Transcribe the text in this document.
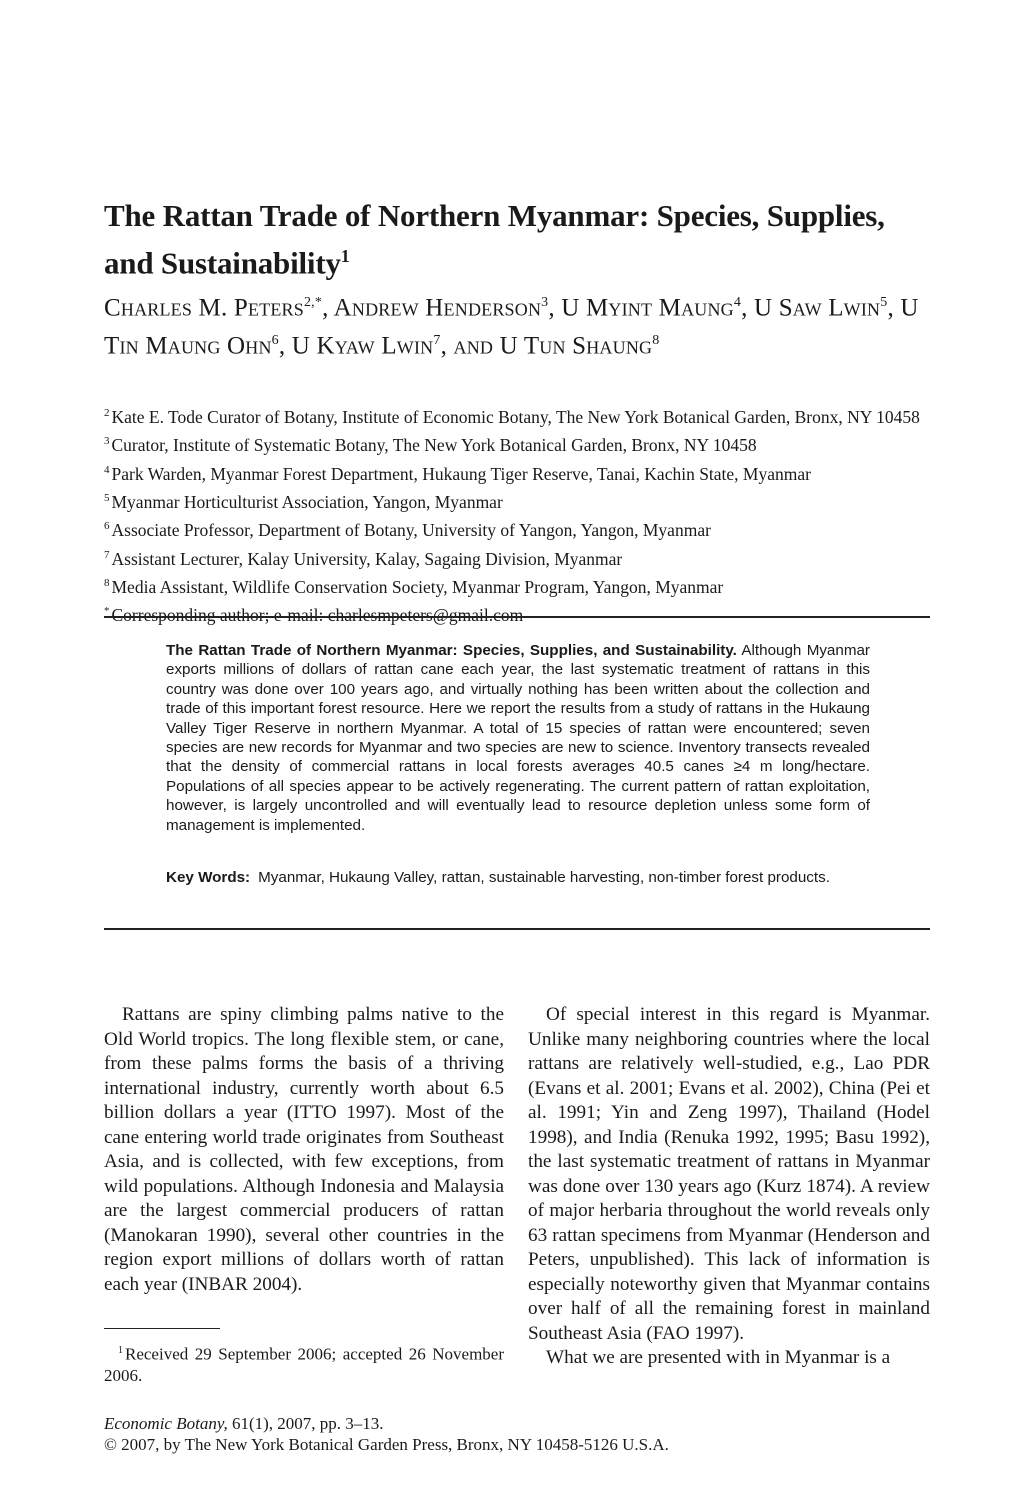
The Rattan Trade of Northern Myanmar: Species, Supplies, and Sustainability$^1$
Charles M. Peters$^{2,*}$, Andrew Henderson$^3$, U Myint Maung$^4$, U Saw Lwin$^5$, U Tin Maung Ohn$^6$, U Kyaw Lwin$^7$, and U Tun Shaung$^8$

$^2$ Kate E. Tode Curator of Botany, Institute of Economic Botany, The New York Botanical Garden, Bronx, NY 10458

$^3$ Curator, Institute of Systematic Botany, The New York Botanical Garden, Bronx, NY 10458

$^4$ Park Warden, Myanmar Forest Department, Hukaung Tiger Reserve, Tanai, Kachin State, Myanmar

$^5$ Myanmar Horticulturist Association, Yangon, Myanmar

$^6$ Associate Professor, Department of Botany, University of Yangon, Yangon, Myanmar

$^7$ Assistant Lecturer, Kalay University, Kalay, Sagaing Division, Myanmar

$^8$ Media Assistant, Wildlife Conservation Society, Myanmar Program, Yangon, Myanmar

* Corresponding author; e-mail: charlesmpeters@gmail.com

The Rattan Trade of Northern Myanmar: Species, Supplies, and Sustainability. Although Myanmar exports millions of dollars of rattan cane each year, the last systematic treatment of rattans in this country was done over 100 years ago, and virtually nothing has been written about the collection and trade of this important forest resource. Here we report the results from a study of rattans in the Hukaung Valley Tiger Reserve in northern Myanmar. A total of 15 species of rattan were encountered; seven species are new records for Myanmar and two species are new to science. Inventory transects revealed that the density of commercial rattans in local forests averages 40.5 canes ≥4 m long/hectare. Populations of all species appear to be actively regenerating. The current pattern of rattan exploitation, however, is largely uncontrolled and will eventually lead to resource depletion unless some form of management is implemented.
Key Words: Myanmar, Hukaung Valley, rattan, sustainable harvesting, non-timber forest products.

Rattans are spiny climbing palms native to the Old World tropics. The long flexible stem, or cane, from these palms forms the basis of a thriving international industry, currently worth about 6.5 billion dollars a year (ITTO 1997). Most of the cane entering world trade originates from Southeast Asia, and is collected, with few exceptions, from wild populations. Although Indonesia and Malaysia are the largest commercial producers of rattan (Manokaran 1990), several other countries in the region export millions of dollars worth of rattan each year (INBAR 2004).

Of special interest in this regard is Myanmar. Unlike many neighboring countries where the local rattans are relatively well-studied, e.g., Lao PDR (Evans et al. 2001; Evans et al. 2002), China (Pei et al. 1991; Yin and Zeng 1997), Thailand (Hodel 1998), and India (Renuka 1992, 1995; Basu 1992), the last systematic treatment of rattans in Myanmar was done over 130 years ago (Kurz 1874). A review of major herbaria throughout the world reveals only 63 rattan specimens from Myanmar (Henderson and Peters, unpublished). This lack of information is especially noteworthy given that Myanmar contains over half of all the remaining forest in mainland Southeast Asia (FAO 1997).

What we are presented with in Myanmar is a

$^1$ Received 29 September 2006; accepted 26 November 2006.
Economic Botany, 61(1), 2007, pp. 3–13.
© 2007, by The New York Botanical Garden Press, Bronx, NY 10458-5126 U.S.A.
